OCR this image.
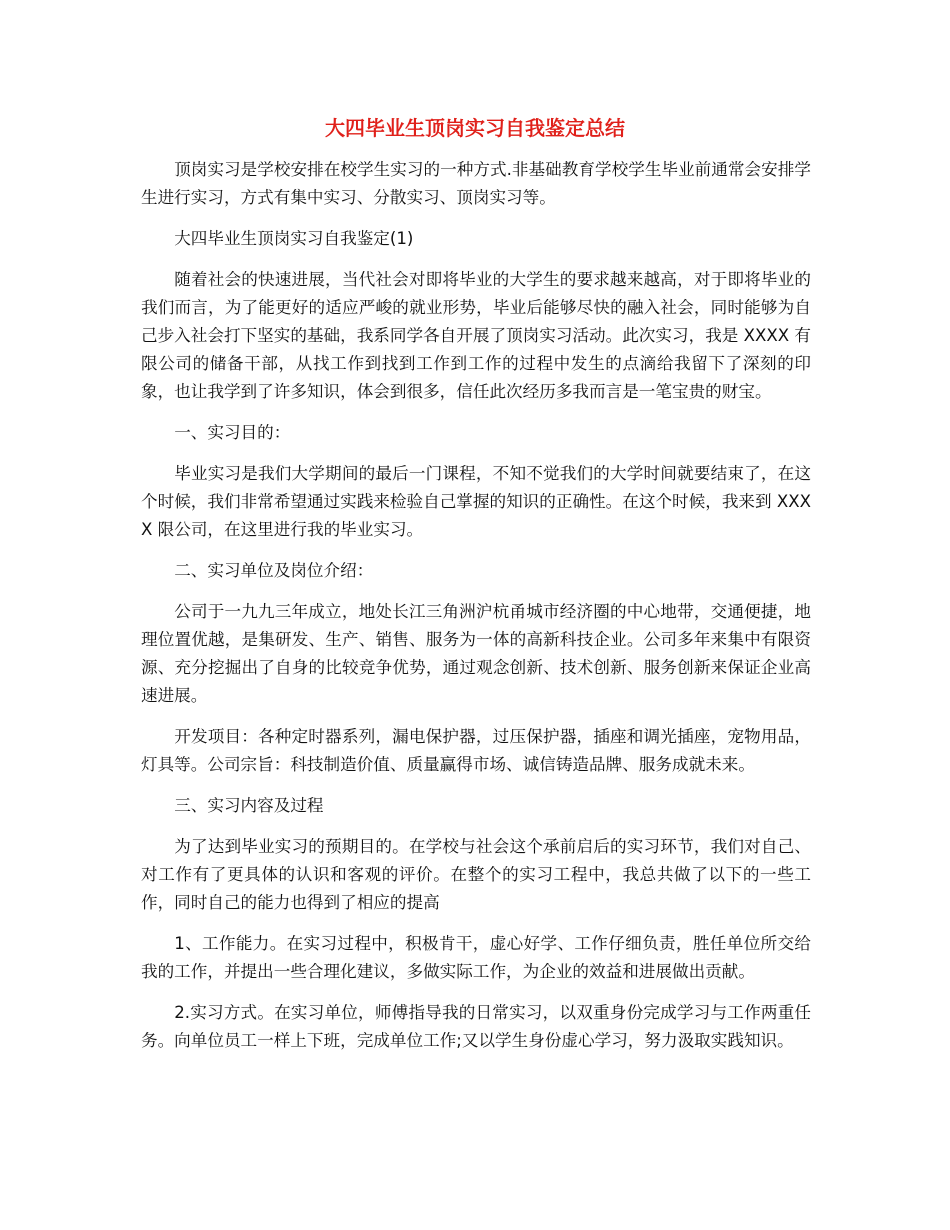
大四毕业生顶岗实习自我鉴定总结

顶岗实习是学校安排在校学生实习的一种方式.非基础教育学校学生毕业前通常会安排学生进行实习，方式有集中实习、分散实习、顶岗实习等。

大四毕业生顶岗实习自我鉴定(1)

随着社会的快速进展，当代社会对即将毕业的大学生的要求越来越高，对于即将毕业的我们而言，为了能更好的适应严峻的就业形势，毕业后能够尽快的融入社会，同时能够为自己步入社会打下坚实的基础，我系同学各自开展了顶岗实习活动。此次实习，我是 XXXX 有限公司的储备干部，从找工作到找到工作到工作的过程中发生的点滴给我留下了深刻的印象，也让我学到了许多知识，体会到很多，信任此次经历多我而言是一笔宝贵的财宝。

一、实习目的：

毕业实习是我们大学期间的最后一门课程，不知不觉我们的大学时间就要结束了，在这个时候，我们非常希望通过实践来检验自己掌握的知识的正确性。在这个时候，我来到 XXXX 限公司，在这里进行我的毕业实习。

二、实习单位及岗位介绍：

公司于一九九三年成立，地处长江三角洲沪杭甬城市经济圈的中心地带，交通便捷，地理位置优越，是集研发、生产、销售、服务为一体的高新科技企业。公司多年来集中有限资源、充分挖掘出了自身的比较竞争优势，通过观念创新、技术创新、服务创新来保证企业高速进展。

开发项目：各种定时器系列，漏电保护器，过压保护器，插座和调光插座，宠物用品，灯具等。公司宗旨：科技制造价值、质量赢得市场、诚信铸造品牌、服务成就未来。

三、实习内容及过程

为了达到毕业实习的预期目的。在学校与社会这个承前启后的实习环节，我们对自己、对工作有了更具体的认识和客观的评价。在整个的实习工程中，我总共做了以下的一些工作，同时自己的能力也得到了相应的提高

1、工作能力。在实习过程中，积极肯干，虚心好学、工作仔细负责，胜任单位所交给我的工作，并提出一些合理化建议，多做实际工作，为企业的效益和进展做出贡献。

2.实习方式。在实习单位，师傅指导我的日常实习，以双重身份完成学习与工作两重任务。向单位员工一样上下班，完成单位工作;又以学生身份虚心学习，努力汲取实践知识。
